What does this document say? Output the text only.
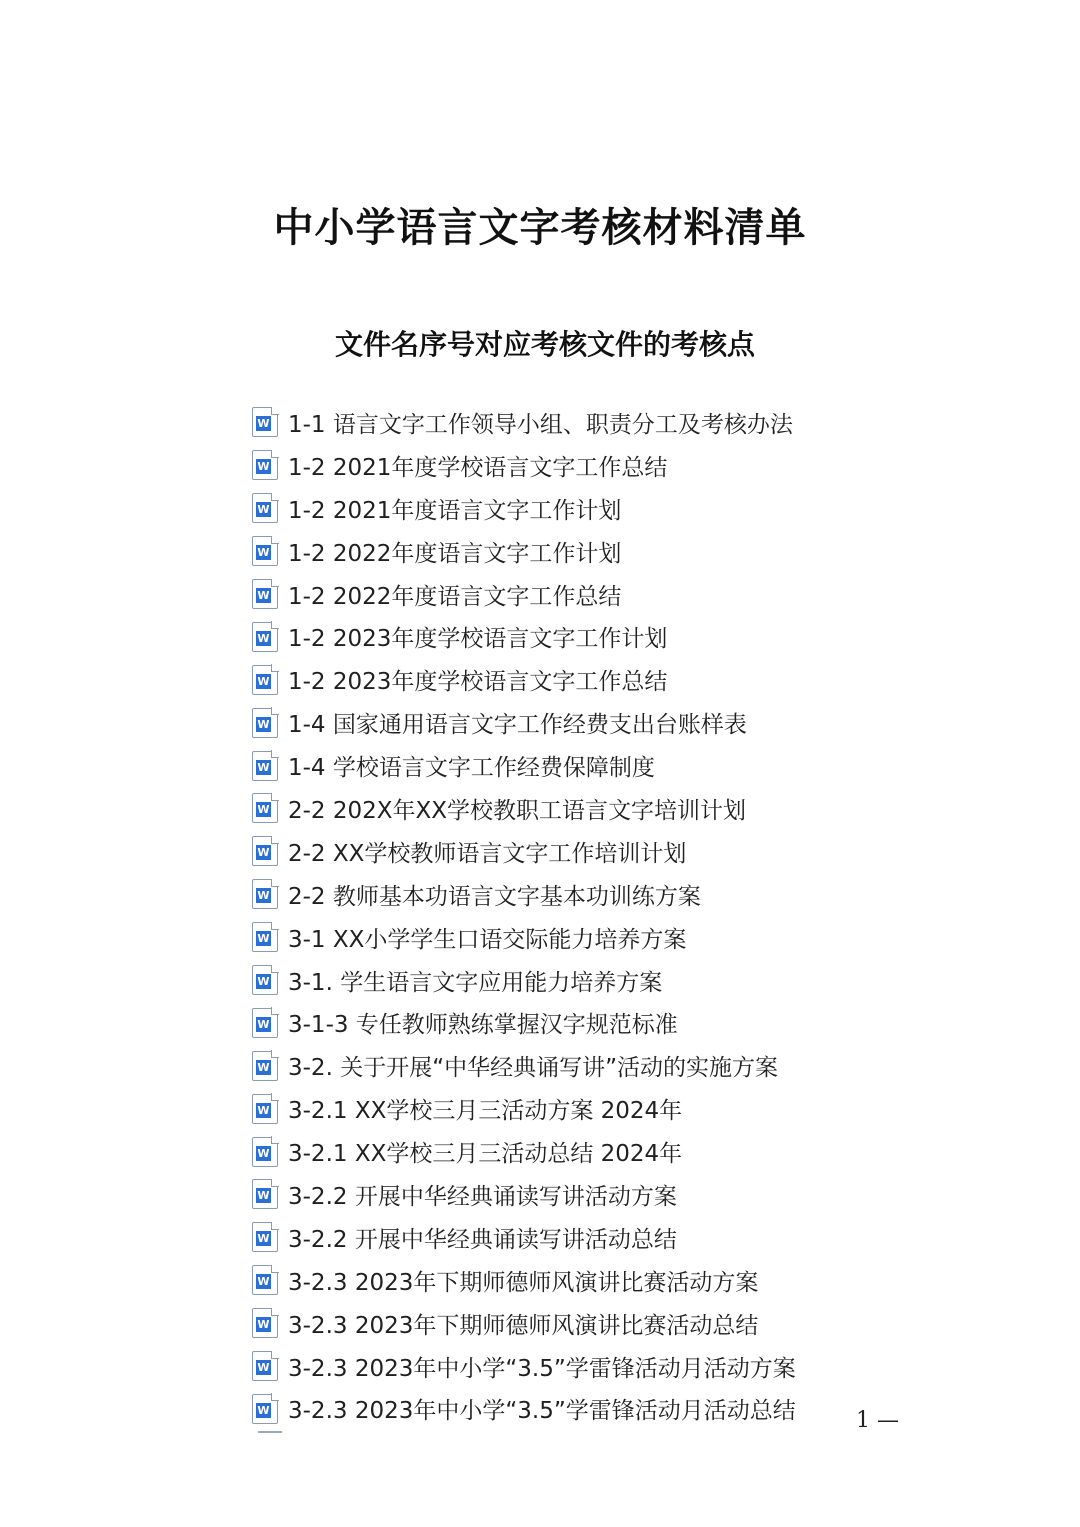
中小学语言文字考核材料清单
文件名序号对应考核文件的考核点
W 1-1 语言文字工作领导小组、职责分工及考核办法
W 1-2 2021年度学校语言文字工作总结
W 1-2 2021年度语言文字工作计划
W 1-2 2022年度语言文字工作计划
W 1-2 2022年度语言文字工作总结
W 1-2 2023年度学校语言文字工作计划
W 1-2 2023年度学校语言文字工作总结
W 1-4 国家通用语言文字工作经费支出台账样表
W 1-4 学校语言文字工作经费保障制度
W 2-2 202X年XX学校教职工语言文字培训计划
W 2-2 XX学校教师语言文字工作培训计划
W 2-2 教师基本功语言文字基本功训练方案
W 3-1 XX小学学生口语交际能力培养方案
W 3-1. 学生语言文字应用能力培养方案
W 3-1-3 专任教师熟练掌握汉字规范标准
W 3-2. 关于开展“中华经典诵写讲”活动的实施方案
W 3-2.1 XX学校三月三活动方案 2024年
W 3-2.1 XX学校三月三活动总结 2024年
W 3-2.2 开展中华经典诵读写讲活动方案
W 3-2.2 开展中华经典诵读写讲活动总结
W 3-2.3 2023年下期师德师风演讲比赛活动方案
W 3-2.3 2023年下期师德师风演讲比赛活动总结
W 3-2.3 2023年中小学“3.5”学雷锋活动月活动方案
W 3-2.3 2023年中小学“3.5”学雷锋活动月活动总结	1 —
